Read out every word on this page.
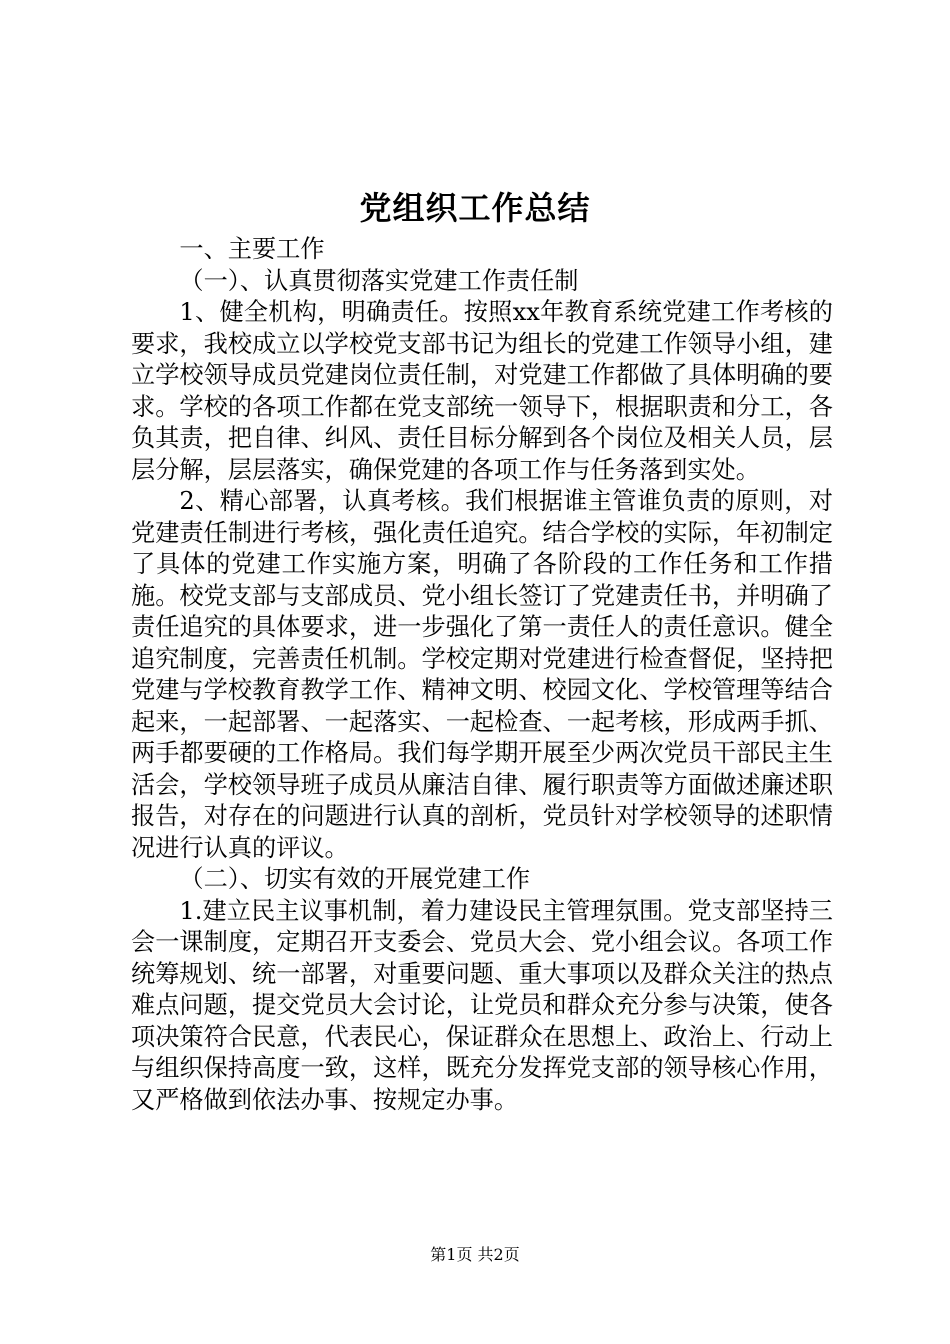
党组织工作总结

一、主要工作

（一）、认真贯彻落实党建工作责任制

1、健全机构，明确责任。按照xx年教育系统党建工作考核的要求，我校成立以学校党支部书记为组长的党建工作领导小组，建立学校领导成员党建岗位责任制，对党建工作都做了具体明确的要求。学校的各项工作都在党支部统一领导下，根据职责和分工，各负其责，把自律、纠风、责任目标分解到各个岗位及相关人员，层层分解，层层落实，确保党建的各项工作与任务落到实处。

2、精心部署，认真考核。我们根据谁主管谁负责的原则，对党建责任制进行考核，强化责任追究。结合学校的实际，年初制定了具体的党建工作实施方案，明确了各阶段的工作任务和工作措施。校党支部与支部成员、党小组长签订了党建责任书，并明确了责任追究的具体要求，进一步强化了第一责任人的责任意识。健全追究制度，完善责任机制。学校定期对党建进行检查督促，坚持把党建与学校教育教学工作、精神文明、校园文化、学校管理等结合起来，一起部署、一起落实、一起检查、一起考核，形成两手抓、两手都要硬的工作格局。我们每学期开展至少两次党员干部民主生活会，学校领导班子成员从廉洁自律、履行职责等方面做述廉述职报告，对存在的问题进行认真的剖析，党员针对学校领导的述职情况进行认真的评议。

（二）、切实有效的开展党建工作

1.建立民主议事机制，着力建设民主管理氛围。党支部坚持三会一课制度，定期召开支委会、党员大会、党小组会议。各项工作统筹规划、统一部署，对重要问题、重大事项以及群众关注的热点难点问题，提交党员大会讨论，让党员和群众充分参与决策，使各项决策符合民意，代表民心，保证群众在思想上、政治上、行动上与组织保持高度一致，这样，既充分发挥党支部的领导核心作用，又严格做到依法办事、按规定办事。

第1页 共2页
